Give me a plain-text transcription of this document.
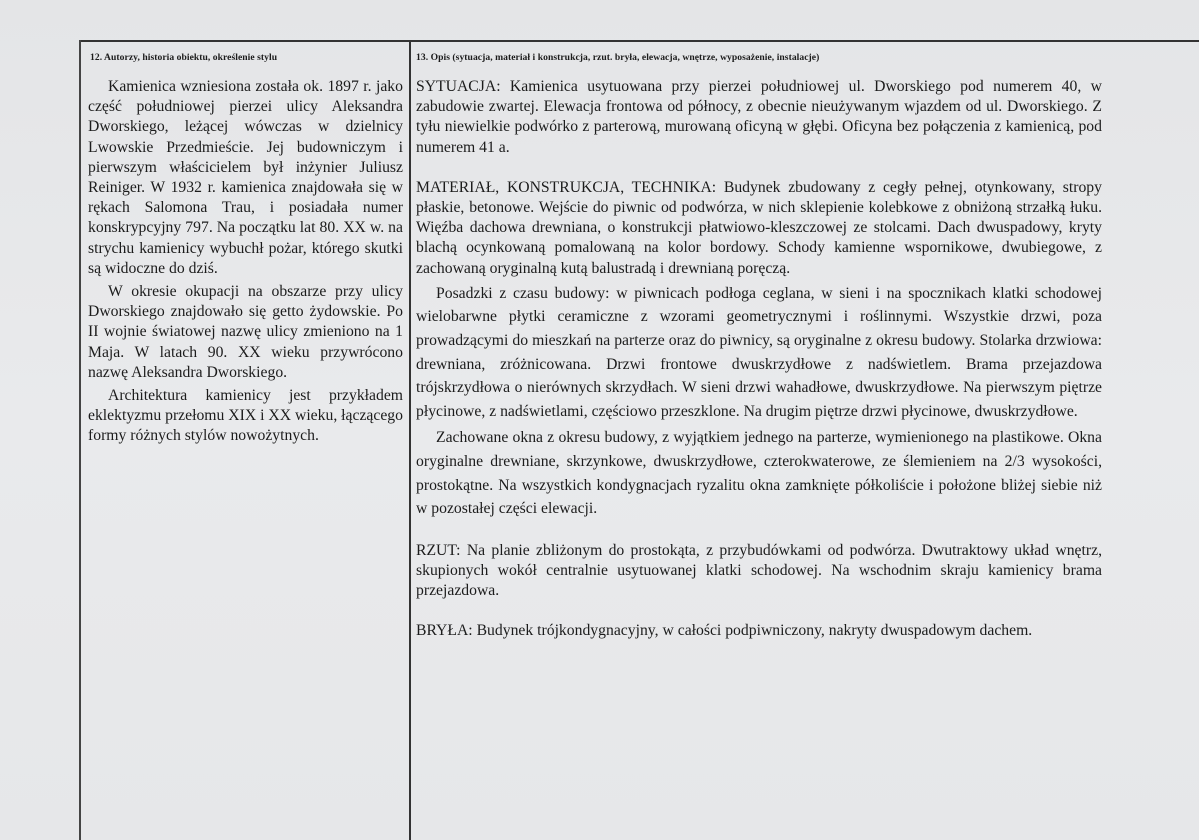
12. Autorzy, historia obiektu, określenie stylu

Kamienica wzniesiona została ok. 1897 r. jako część południowej pierzei ulicy Aleksandra Dworskiego, leżącej wówczas w dzielnicy Lwowskie Przedmieście. Jej budowniczym i pierwszym właścicielem był inżynier Juliusz Reiniger. W 1932 r. kamienica znajdowała się w rękach Salomona Trau, i posiadała numer konskrypcyjny 797. Na początku lat 80. XX w. na strychu kamienicy wybuchł pożar, którego skutki są widoczne do dziś.

W okresie okupacji na obszarze przy ulicy Dworskiego znajdowało się getto żydowskie. Po II wojnie światowej nazwę ulicy zmieniono na 1 Maja. W latach 90. XX wieku przywrócono nazwę Aleksandra Dworskiego.

Architektura kamienicy jest przykładem eklektyzmu przełomu XIX i XX wieku, łączącego formy różnych stylów nowożytnych.

13. Opis (sytuacja, materiał i konstrukcja, rzut. bryła, elewacja, wnętrze, wyposażenie, instalacje)

SYTUACJA: Kamienica usytuowana przy pierzei południowej ul. Dworskiego pod numerem 40, w zabudowie zwartej. Elewacja frontowa od północy, z obecnie nieużywanym wjazdem od ul. Dworskiego. Z tyłu niewielkie podwórko z parterową, murowaną oficyną w głębi. Oficyna bez połączenia z kamienicą, pod numerem 41 a.

MATERIAŁ, KONSTRUKCJA, TECHNIKA: Budynek zbudowany z cegły pełnej, otynkowany, stropy płaskie, betonowe. Wejście do piwnic od podwórza, w nich sklepienie kolebkowe z obniżoną strzałką łuku. Więźba dachowa drewniana, o konstrukcji płatwiowo-kleszczowej ze stolcami. Dach dwuspadowy, kryty blachą ocynkowaną pomalowaną na kolor bordowy. Schody kamienne wspornikowe, dwubiegowe, z zachowaną oryginalną kutą balustradą i drewnianą poręczą.

Posadzki z czasu budowy: w piwnicach podłoga ceglana, w sieni i na spocznikach klatki schodowej wielobarwne płytki ceramiczne z wzorami geometrycznymi i roślinnymi. Wszystkie drzwi, poza prowadzącymi do mieszkań na parterze oraz do piwnicy, są oryginalne z okresu budowy. Stolarka drzwiowa: drewniana, zróżnicowana. Drzwi frontowe dwuskrzydłowe z nadświetlem. Brama przejazdowa trójskrzydłowa o nierównych skrzydłach. W sieni drzwi wahadłowe, dwuskrzydłowe. Na pierwszym piętrze płycinowe, z nadświetlami, częściowo przeszklone. Na drugim piętrze drzwi płycinowe, dwuskrzydłowe.

Zachowane okna z okresu budowy, z wyjątkiem jednego na parterze, wymienionego na plastikowe. Okna oryginalne drewniane, skrzynkowe, dwuskrzydłowe, czterokwaterowe, ze ślemieniem na 2/3 wysokości, prostokątne. Na wszystkich kondygnacjach ryzalitu okna zamknięte półkoliście i położone bliżej siebie niż w pozostałej części elewacji.

RZUT: Na planie zbliżonym do prostokąta, z przybudówkami od podwórza. Dwutraktowy układ wnętrz, skupionych wokół centralnie usytuowanej klatki schodowej. Na wschodnim skraju kamienicy brama przejazdowa.

BRYŁA: Budynek trójkondygnacyjny, w całości podpiwniczony, nakryty dwuspadowym dachem.
